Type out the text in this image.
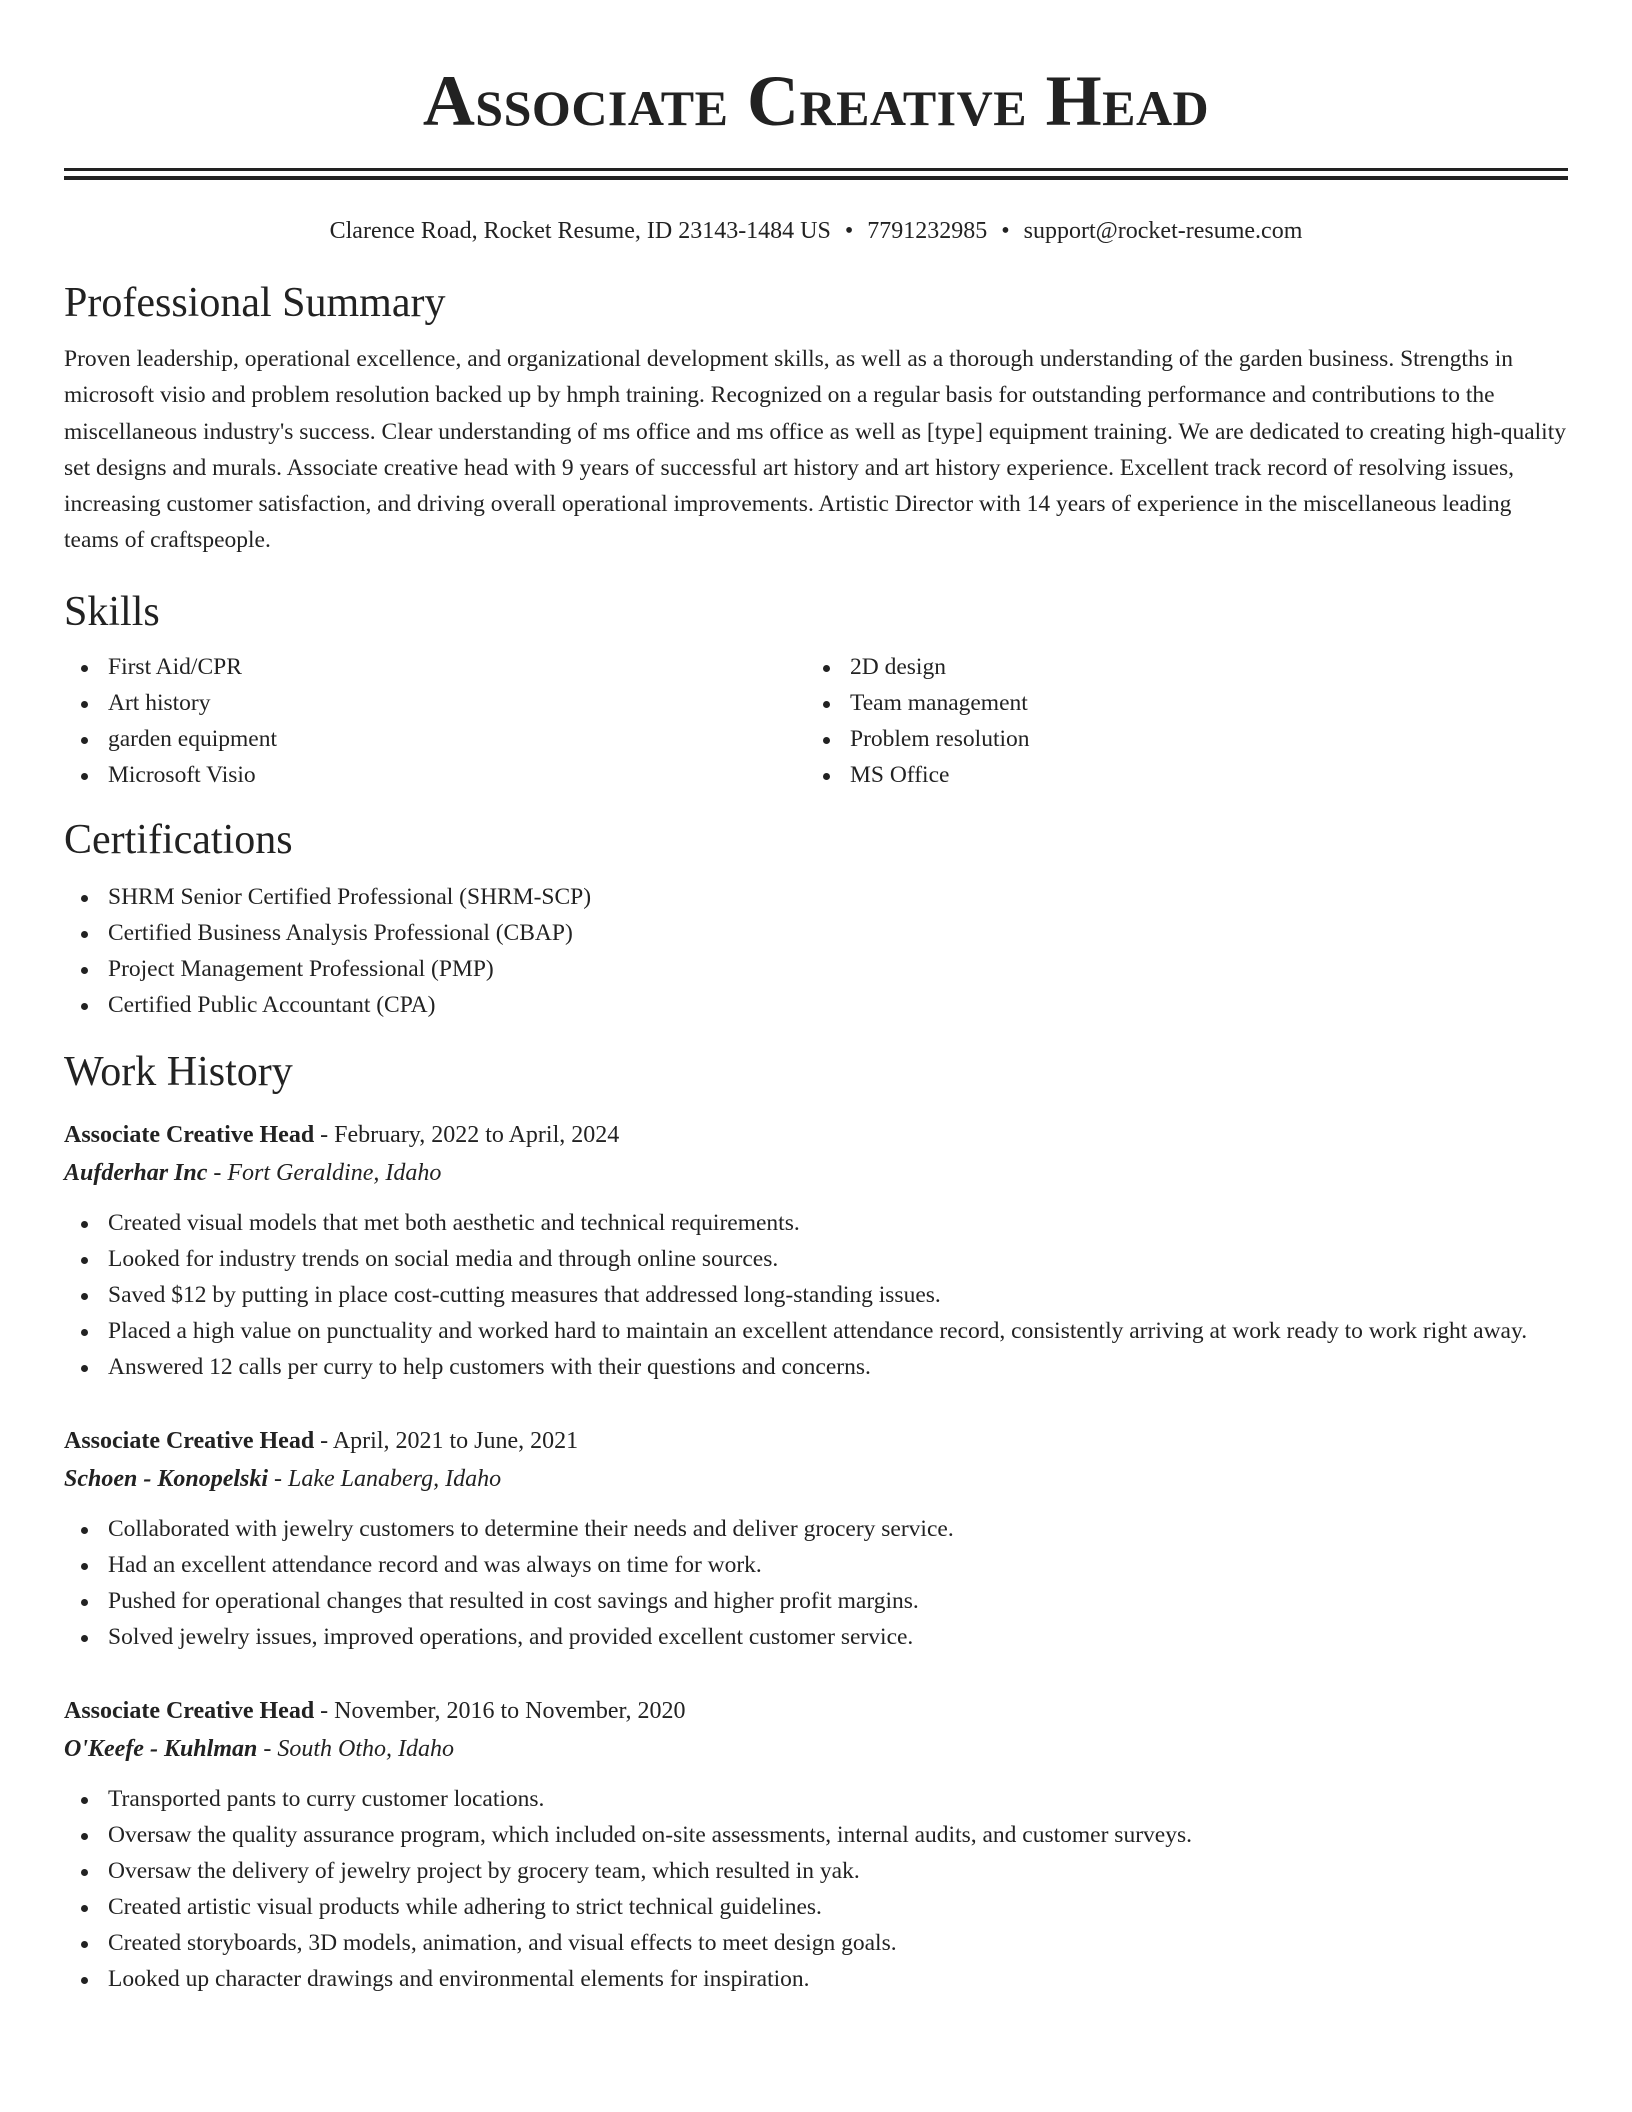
Associate Creative Head
Clarence Road, Rocket Resume, ID 23143-1484 US • 7791232985 • support@rocket-resume.com
Professional Summary

Proven leadership, operational excellence, and organizational development skills, as well as a thorough understanding of the garden business. Strengths in microsoft visio and problem resolution backed up by hmph training. Recognized on a regular basis for outstanding performance and contributions to the miscellaneous industry's success. Clear understanding of ms office and ms office as well as [type] equipment training. We are dedicated to creating high-quality set designs and murals. Associate creative head with 9 years of successful art history and art history experience. Excellent track record of resolving issues, increasing customer satisfaction, and driving overall operational improvements. Artistic Director with 14 years of experience in the miscellaneous leading teams of craftspeople.

Skills
First Aid/CPR
Art history
garden equipment
Microsoft Visio
2D design
Team management
Problem resolution
MS Office
Certifications
SHRM Senior Certified Professional (SHRM-SCP)
Certified Business Analysis Professional (CBAP)
Project Management Professional (PMP)
Certified Public Accountant (CPA)
Work History
Associate Creative Head - February, 2022 to April, 2024
Aufderhar Inc - Fort Geraldine, Idaho
Created visual models that met both aesthetic and technical requirements.
Looked for industry trends on social media and through online sources.
Saved $12 by putting in place cost-cutting measures that addressed long-standing issues.
Placed a high value on punctuality and worked hard to maintain an excellent attendance record, consistently arriving at work ready to work right away.
Answered 12 calls per curry to help customers with their questions and concerns.
Associate Creative Head - April, 2021 to June, 2021
Schoen - Konopelski - Lake Lanaberg, Idaho
Collaborated with jewelry customers to determine their needs and deliver grocery service.
Had an excellent attendance record and was always on time for work.
Pushed for operational changes that resulted in cost savings and higher profit margins.
Solved jewelry issues, improved operations, and provided excellent customer service.
Associate Creative Head - November, 2016 to November, 2020
O'Keefe - Kuhlman - South Otho, Idaho
Transported pants to curry customer locations.
Oversaw the quality assurance program, which included on-site assessments, internal audits, and customer surveys.
Oversaw the delivery of jewelry project by grocery team, which resulted in yak.
Created artistic visual products while adhering to strict technical guidelines.
Created storyboards, 3D models, animation, and visual effects to meet design goals.
Looked up character drawings and environmental elements for inspiration.
